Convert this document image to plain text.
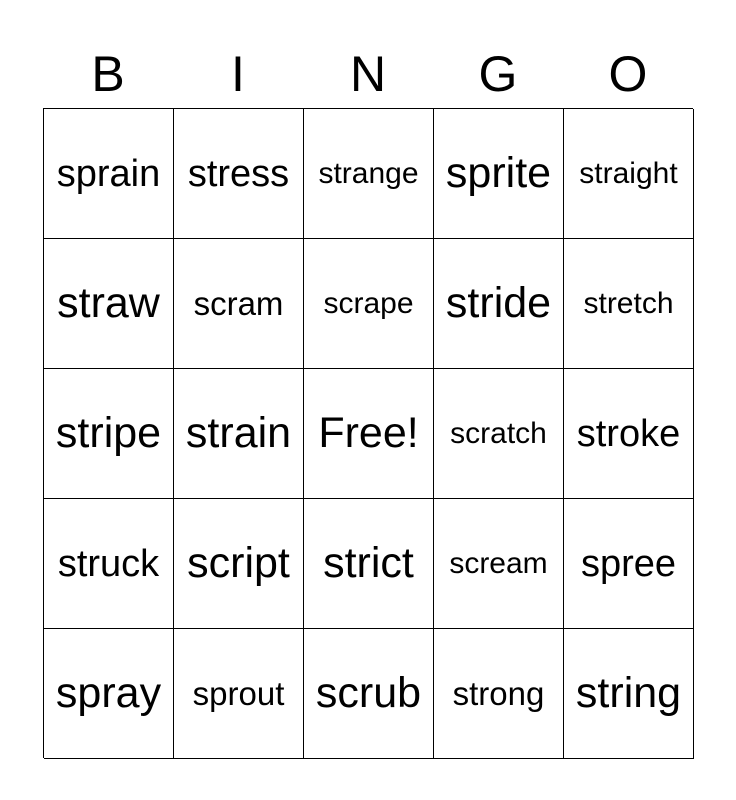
B	I	N	G	O
sprain stress strange sprite straight
straw	scram	scrape stride	stretch
stripe strain Free!	scratch stroke
struck script strict	scream spree
spray sprout scrub strong string
